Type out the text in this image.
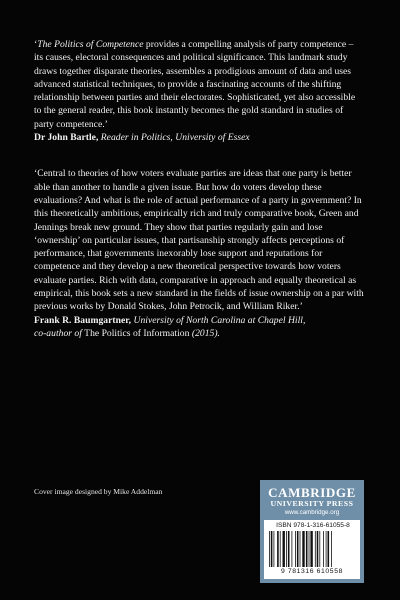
‘The Politics of Competence provides a compelling analysis of party competence – its causes, electoral consequences and political significance. This landmark study draws together disparate theories, assembles a prodigious amount of data and uses advanced statistical techniques, to provide a fascinating accounts of the shifting relationship between parties and their electorates. Sophisticated, yet also accessible to the general reader, this book instantly becomes the gold standard in studies of party competence.’

Dr John Bartle, Reader in Politics, University of Essex

‘Central to theories of how voters evaluate parties are ideas that one party is better able than another to handle a given issue. But how do voters develop these evaluations? And what is the role of actual performance of a party in government? In this theoretically ambitious, empirically rich and truly comparative book, Green and Jennings break new ground. They show that parties regularly gain and lose ‘ownership’ on particular issues, that partisanship strongly affects perceptions of performance, that governments inexorably lose support and reputations for competence and they develop a new theoretical perspective towards how voters evaluate parties. Rich with data, comparative in approach and equally theoretical as empirical, this book sets a new standard in the fields of issue ownership on a par with previous works by Donald Stokes, John Petrocik, and William Riker.’

Frank R. Baumgartner, University of North Carolina at Chapel Hill,
co-author of The Politics of Information (2015).

Cover image designed by Mike Addelman	CAMBRIDGE
UNIVERSITY PRESS
www.cambridge.org
ISBN 978-1-316-61055-8
9 781316 610558
